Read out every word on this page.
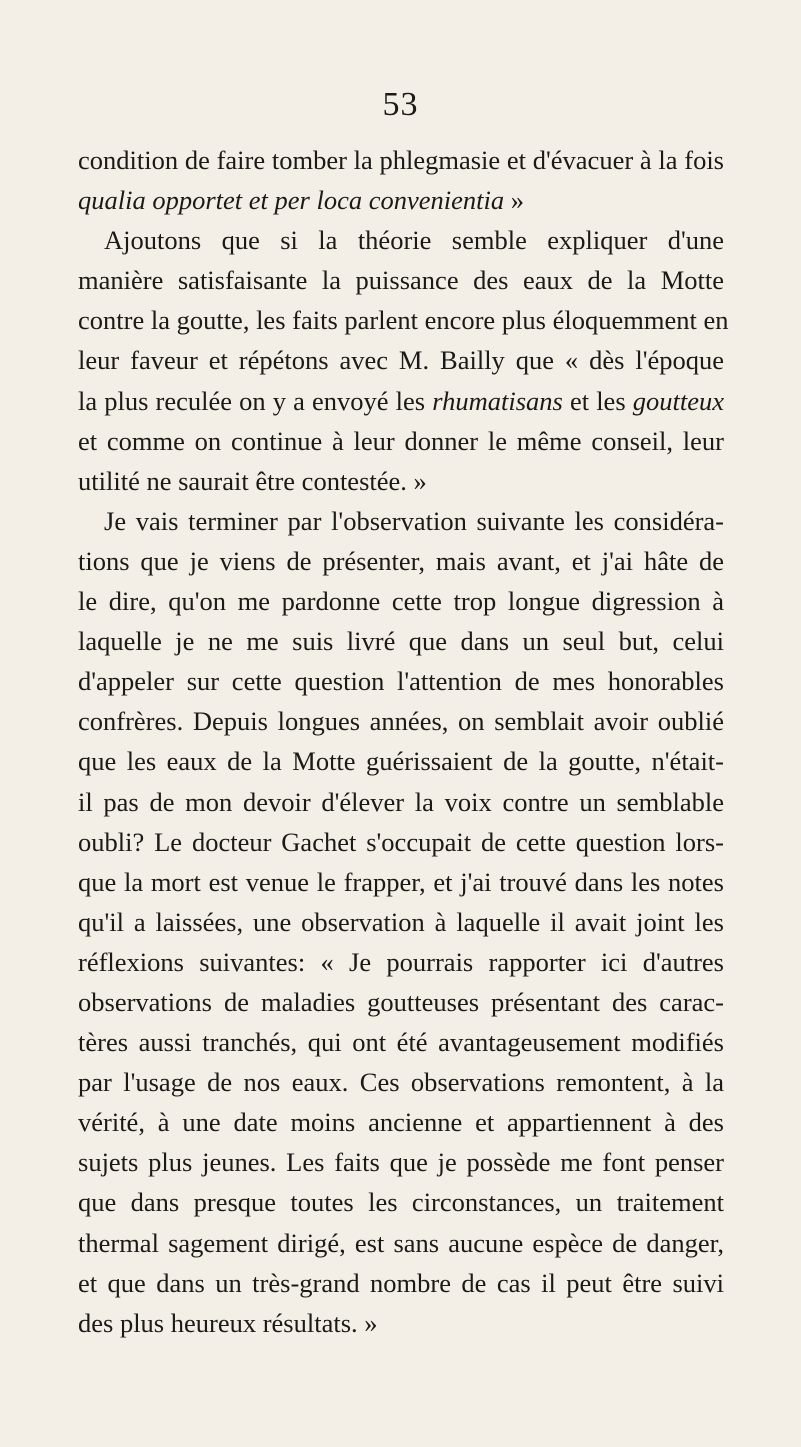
53
condition de faire tomber la phlegmasie et d'évacuer à la fois
qualia opportet et per loca convenientia »
Ajoutons que si la théorie semble expliquer d'une
manière satisfaisante la puissance des eaux de la Motte
contre la goutte, les faits parlent encore plus éloquemment en
leur faveur et répétons avec M. Bailly que « dès l'époque
la plus reculée on y a envoyé les rhumatisans et les goutteux
et comme on continue à leur donner le même conseil, leur
utilité ne saurait être contestée. »
Je vais terminer par l'observation suivante les considéra-
tions que je viens de présenter, mais avant, et j'ai hâte de
le dire, qu'on me pardonne cette trop longue digression à
laquelle je ne me suis livré que dans un seul but, celui
d'appeler sur cette question l'attention de mes honorables
confrères. Depuis longues années, on semblait avoir oublié
que les eaux de la Motte guérissaient de la goutte, n'était-
il pas de mon devoir d'élever la voix contre un semblable
oubli? Le docteur Gachet s'occupait de cette question lors-
que la mort est venue le frapper, et j'ai trouvé dans les notes
qu'il a laissées, une observation à laquelle il avait joint les
réflexions suivantes: « Je pourrais rapporter ici d'autres
observations de maladies goutteuses présentant des carac-
tères aussi tranchés, qui ont été avantageusement modifiés
par l'usage de nos eaux. Ces observations remontent, à la
vérité, à une date moins ancienne et appartiennent à des
sujets plus jeunes. Les faits que je possède me font penser
que dans presque toutes les circonstances, un traitement
thermal sagement dirigé, est sans aucune espèce de danger,
et que dans un très-grand nombre de cas il peut être suivi
des plus heureux résultats. »
